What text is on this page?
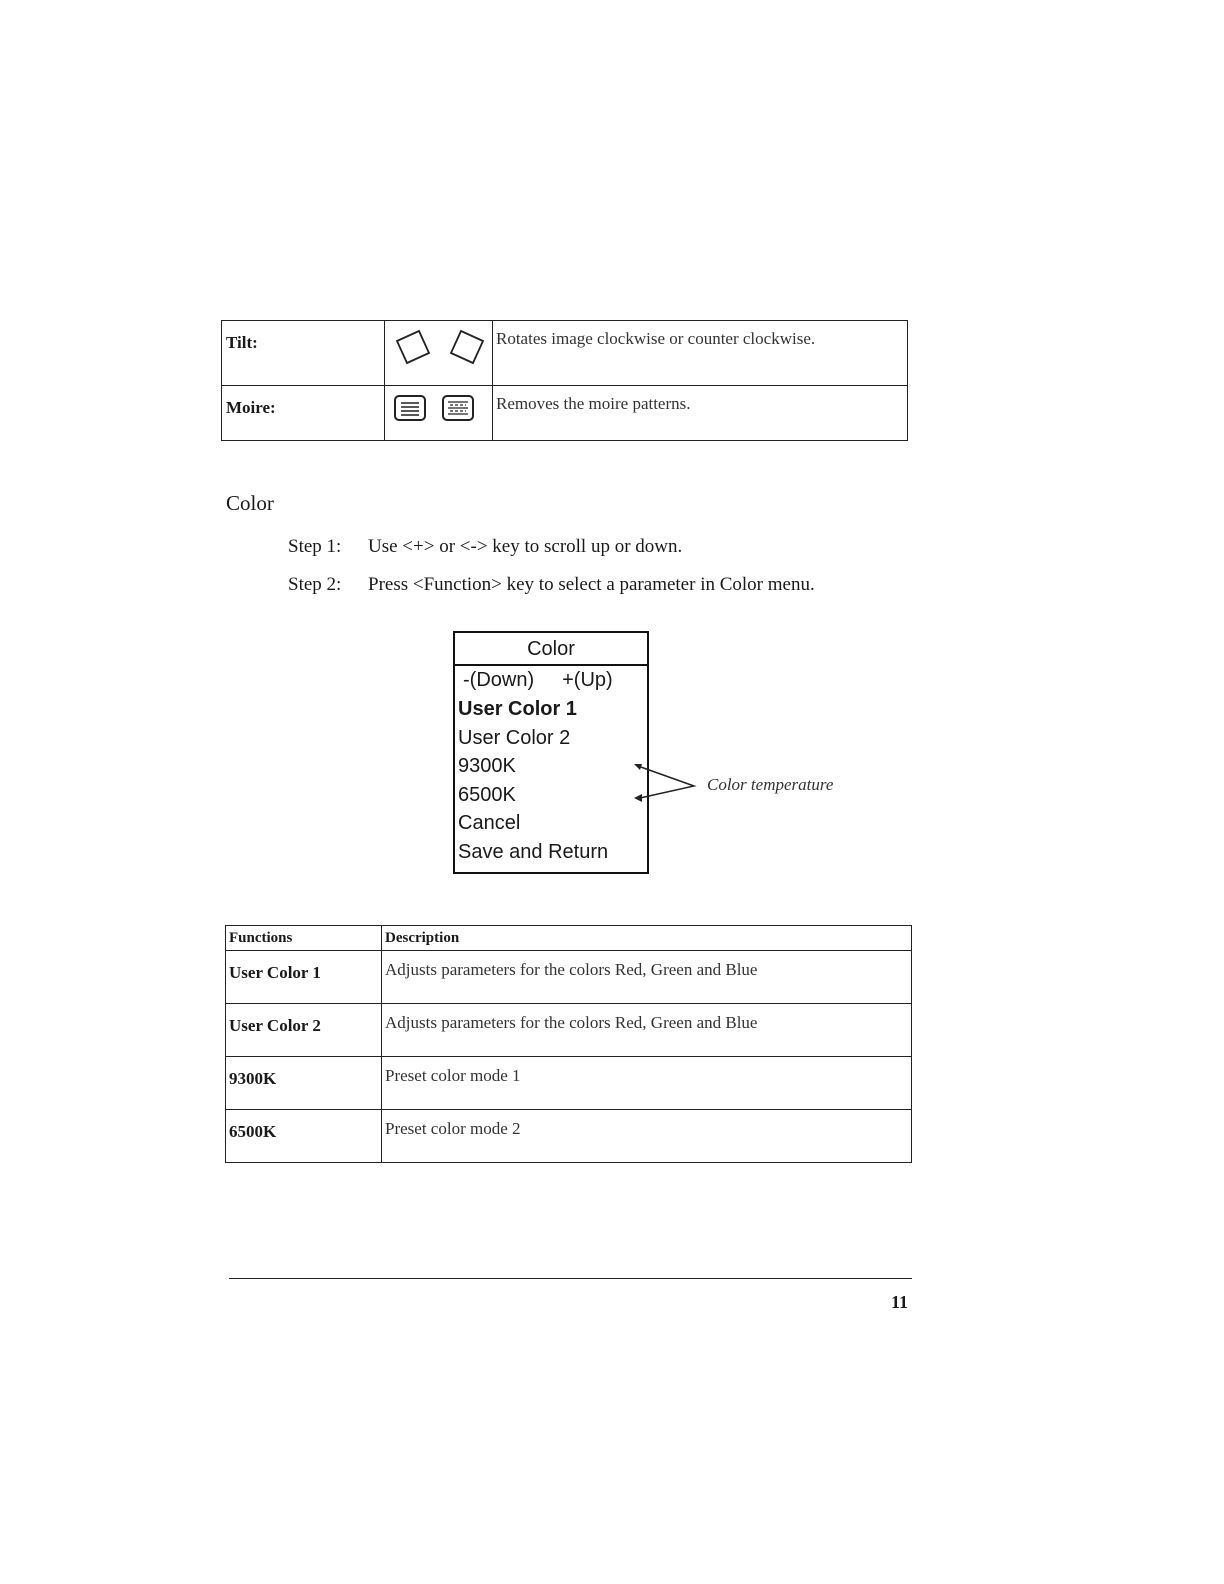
Tilt:		Rotates image clockwise or counter clockwise.
Moire:		Removes the moire patterns.
Color
Step 1:	Use <+> or <-> key to scroll up or down.
Step 2:	Press <Function> key to select a parameter in Color menu.
Color
-(Down) +(Up)
User Color 1
User Color 2
9300K
6500K
Cancel
Save and Return
Color temperature
Functions	Description
User Color 1	Adjusts parameters for the colors Red, Green and Blue
User Color 2	Adjusts parameters for the colors Red, Green and Blue
9300K	Preset color mode 1
6500K	Preset color mode 2
11
